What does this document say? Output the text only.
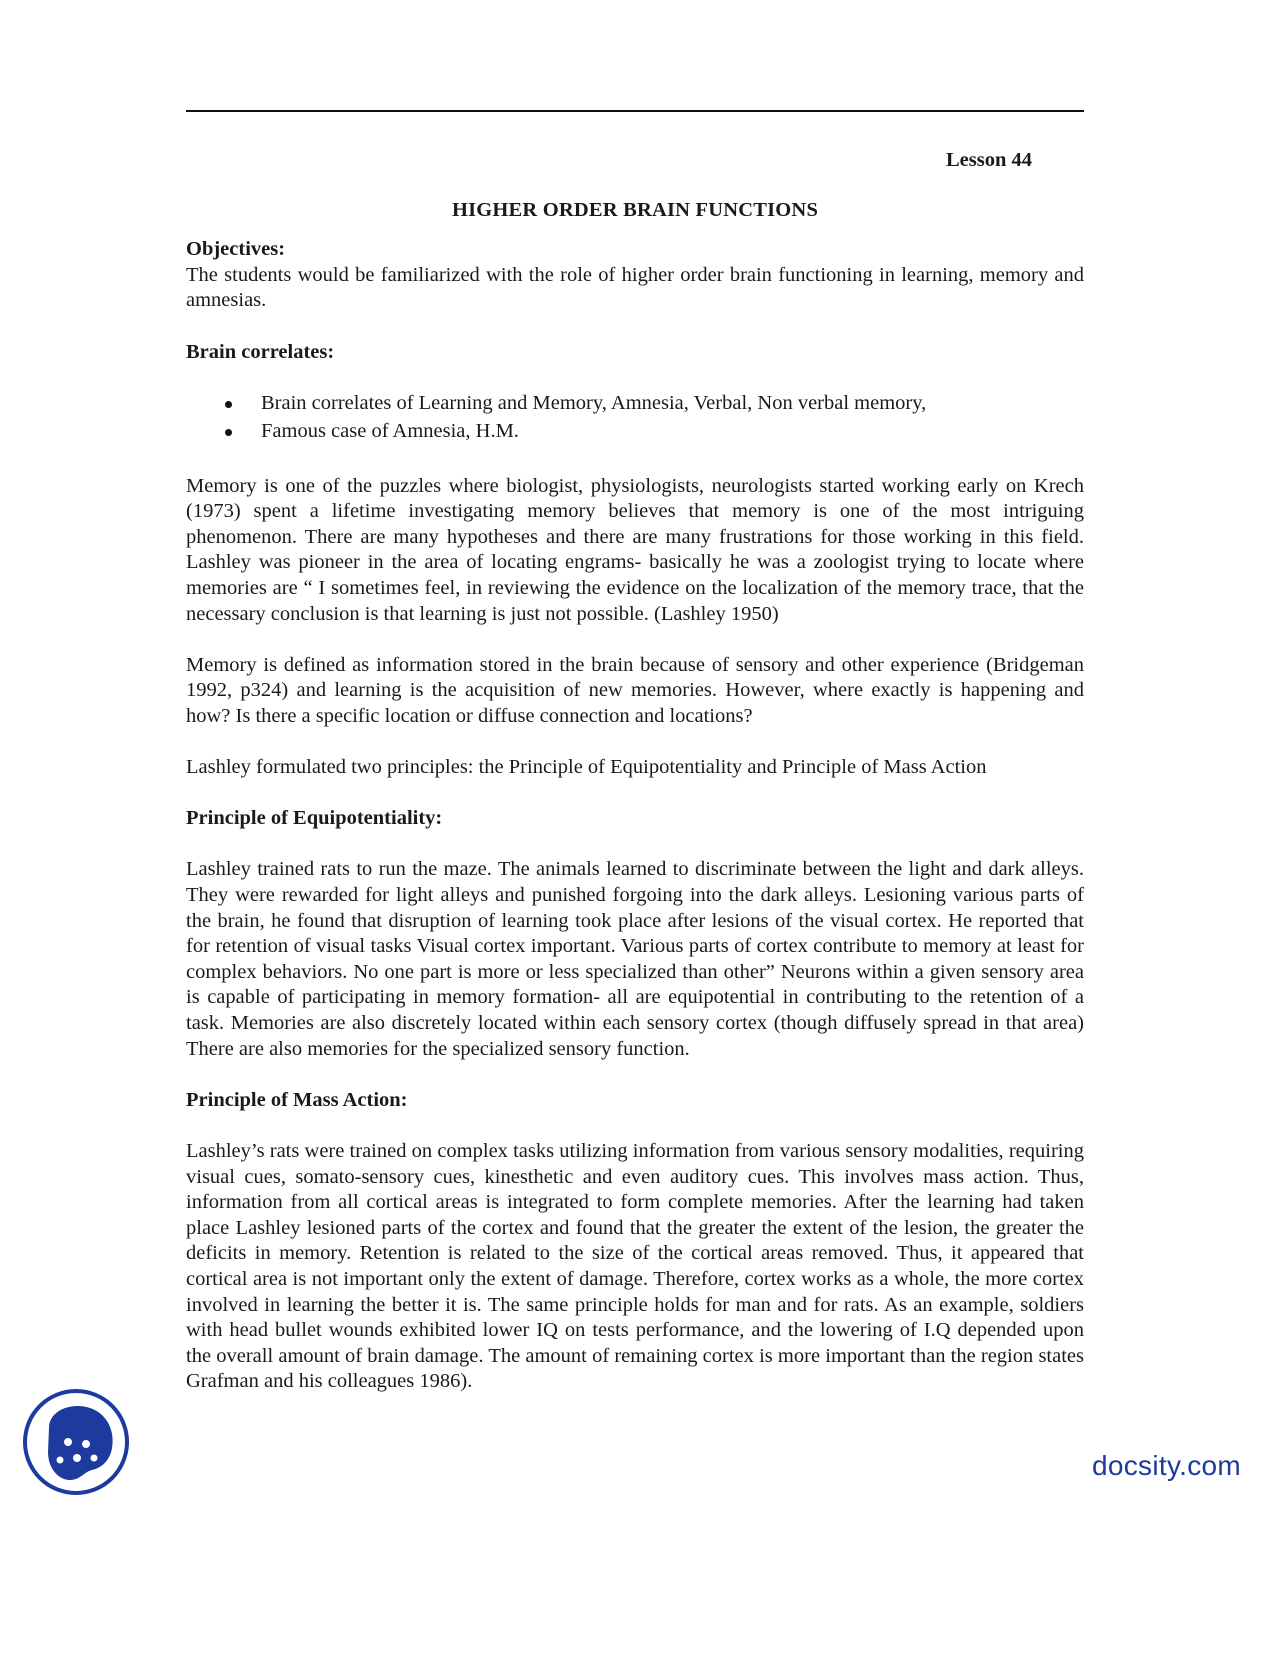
Lesson 44

HIGHER ORDER BRAIN FUNCTIONS

Objectives:

The students would be familiarized with the role of higher order brain functioning in learning, memory and amnesias.

Brain correlates:

Brain correlates of Learning and Memory, Amnesia, Verbal, Non verbal memory,
Famous case of Amnesia, H.M.

Memory is one of the puzzles where biologist, physiologists, neurologists started working early on Krech (1973) spent a lifetime investigating memory believes that memory is one of the most intriguing phenomenon. There are many hypotheses and there are many frustrations for those working in this field. Lashley was pioneer in the area of locating engrams- basically he was a zoologist trying to locate where memories are “ I sometimes feel, in reviewing the evidence on the localization of the memory trace, that the necessary conclusion is that learning is just not possible. (Lashley 1950)

Memory is defined as information stored in the brain because of sensory and other experience (Bridgeman 1992, p324) and learning is the acquisition of new memories. However, where exactly is happening and how? Is there a specific location or diffuse connection and locations?

Lashley formulated two principles: the Principle of Equipotentiality and Principle of Mass Action

Principle of Equipotentiality:

Lashley trained rats to run the maze. The animals learned to discriminate between the light and dark alleys. They were rewarded for light alleys and punished forgoing into the dark alleys. Lesioning various parts of the brain, he found that disruption of learning took place after lesions of the visual cortex. He reported that for retention of visual tasks Visual cortex important. Various parts of cortex contribute to memory at least for complex behaviors. No one part is more or less specialized than other” Neurons within a given sensory area is capable of participating in memory formation- all are equipotential in contributing to the retention of a task. Memories are also discretely located within each sensory cortex (though diffusely spread in that area) There are also memories for the specialized sensory function.

Principle of Mass Action:

Lashley’s rats were trained on complex tasks utilizing information from various sensory modalities, requiring visual cues, somato-sensory cues, kinesthetic and even auditory cues. This involves mass action. Thus, information from all cortical areas is integrated to form complete memories. After the learning had taken place Lashley lesioned parts of the cortex and found that the greater the extent of the lesion, the greater the deficits in memory. Retention is related to the size of the cortical areas removed. Thus, it appeared that cortical area is not important only the extent of damage. Therefore, cortex works as a whole, the more cortex involved in learning the better it is. The same principle holds for man and for rats. As an example, soldiers with head bullet wounds exhibited lower IQ on tests performance, and the lowering of I.Q depended upon the overall amount of brain damage. The amount of remaining cortex is more important than the region states Grafman and his colleagues 1986).

docsity.com
